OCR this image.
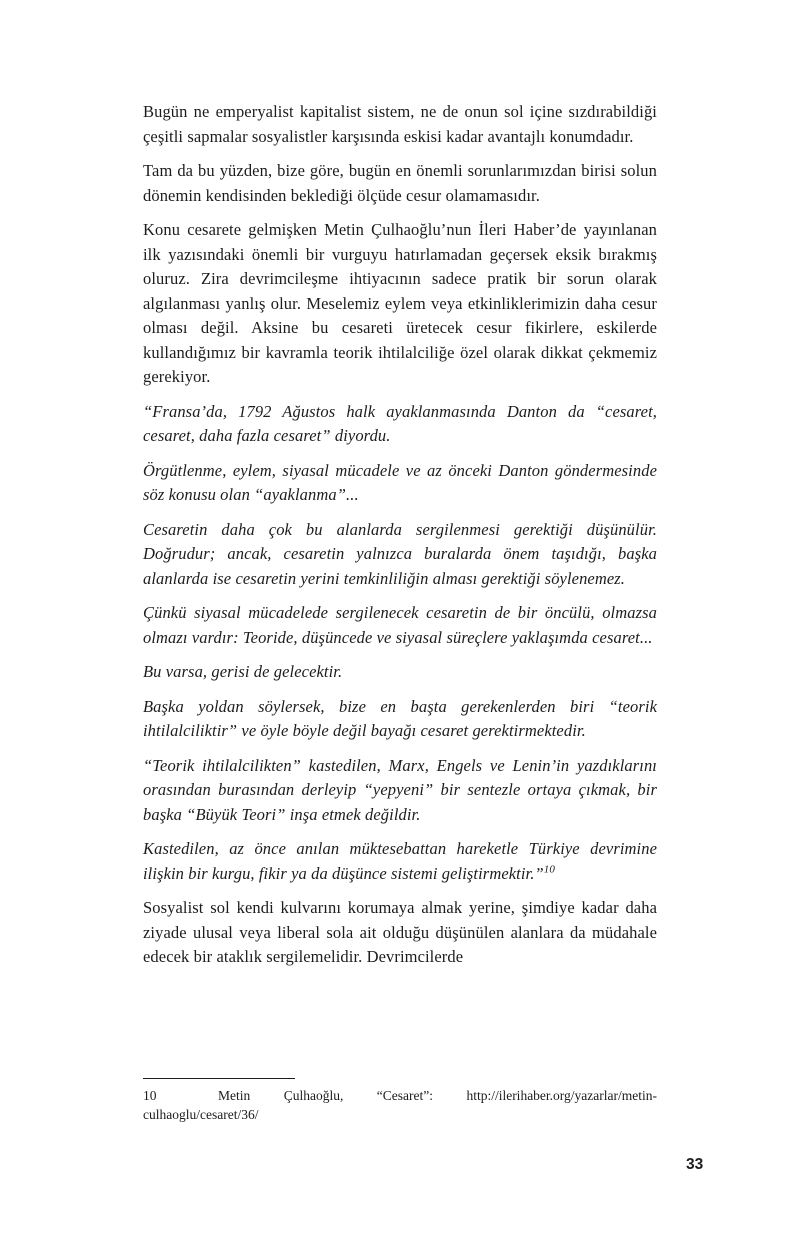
Bugün ne emperyalist kapitalist sistem, ne de onun sol içine sızdırabildiği çeşitli sapmalar sosyalistler karşısında eskisi kadar avantajlı konumdadır.

Tam da bu yüzden, bize göre, bugün en önemli sorunlarımızdan birisi solun dönemin kendisinden beklediği ölçüde cesur olamamasıdır.

Konu cesarete gelmişken Metin Çulhaoğlu’nun İleri Haber’de yayınlanan ilk yazısındaki önemli bir vurguyu hatırlamadan geçersek eksik bırakmış oluruz. Zira devrimcileşme ihtiyacının sadece pratik bir sorun olarak algılanması yanlış olur. Meselemiz eylem veya etkinliklerimizin daha cesur olması değil. Aksine bu cesareti üretecek cesur fikirlere, eskilerde kullandığımız bir kavramla teorik ihtilalciliğe özel olarak dikkat çekmemiz gerekiyor.

“Fransa’da, 1792 Ağustos halk ayaklanmasında Danton da “cesaret, cesaret, daha fazla cesaret” diyordu.

Örgütlenme, eylem, siyasal mücadele ve az önceki Danton göndermesinde söz konusu olan “ayaklanma”...

Cesaretin daha çok bu alanlarda sergilenmesi gerektiği düşünülür. Doğrudur; ancak, cesaretin yalnızca buralarda önem taşıdığı, başka alanlarda ise cesaretin yerini temkinliliğin alması gerektiği söylenemez.

Çünkü siyasal mücadelede sergilenecek cesaretin de bir öncülü, olmazsa olmazı vardır: Teoride, düşüncede ve siyasal süreçlere yaklaşımda cesaret...

Bu varsa, gerisi de gelecektir.

Başka yoldan söylersek, bize en başta gerekenlerden biri “teorik ihtilalciliktir” ve öyle böyle değil bayağı cesaret gerektirmektedir.

“Teorik ihtilalcilikten” kastedilen, Marx, Engels ve Lenin’in yazdıklarını orasından burasından derleyip “yepyeni” bir sentezle ortaya çıkmak, bir başka “Büyük Teori” inşa etmek değildir.

Kastedilen, az önce anılan müktesebattan hareketle Türkiye devrimine ilişkin bir kurgu, fikir ya da düşünce sistemi geliştirmektir.”$^{10}$

Sosyalist sol kendi kulvarını korumaya almak yerine, şimdiye kadar daha ziyade ulusal veya liberal sola ait olduğu düşünülen alanlara da müdahale edecek bir ataklık sergilemelidir. Devrimcilerde

10	Metin Çulhaoğlu, “Cesaret”: http://ilerihaber.org/yazarlar/metin-culhaoglu/cesaret/36/
33
